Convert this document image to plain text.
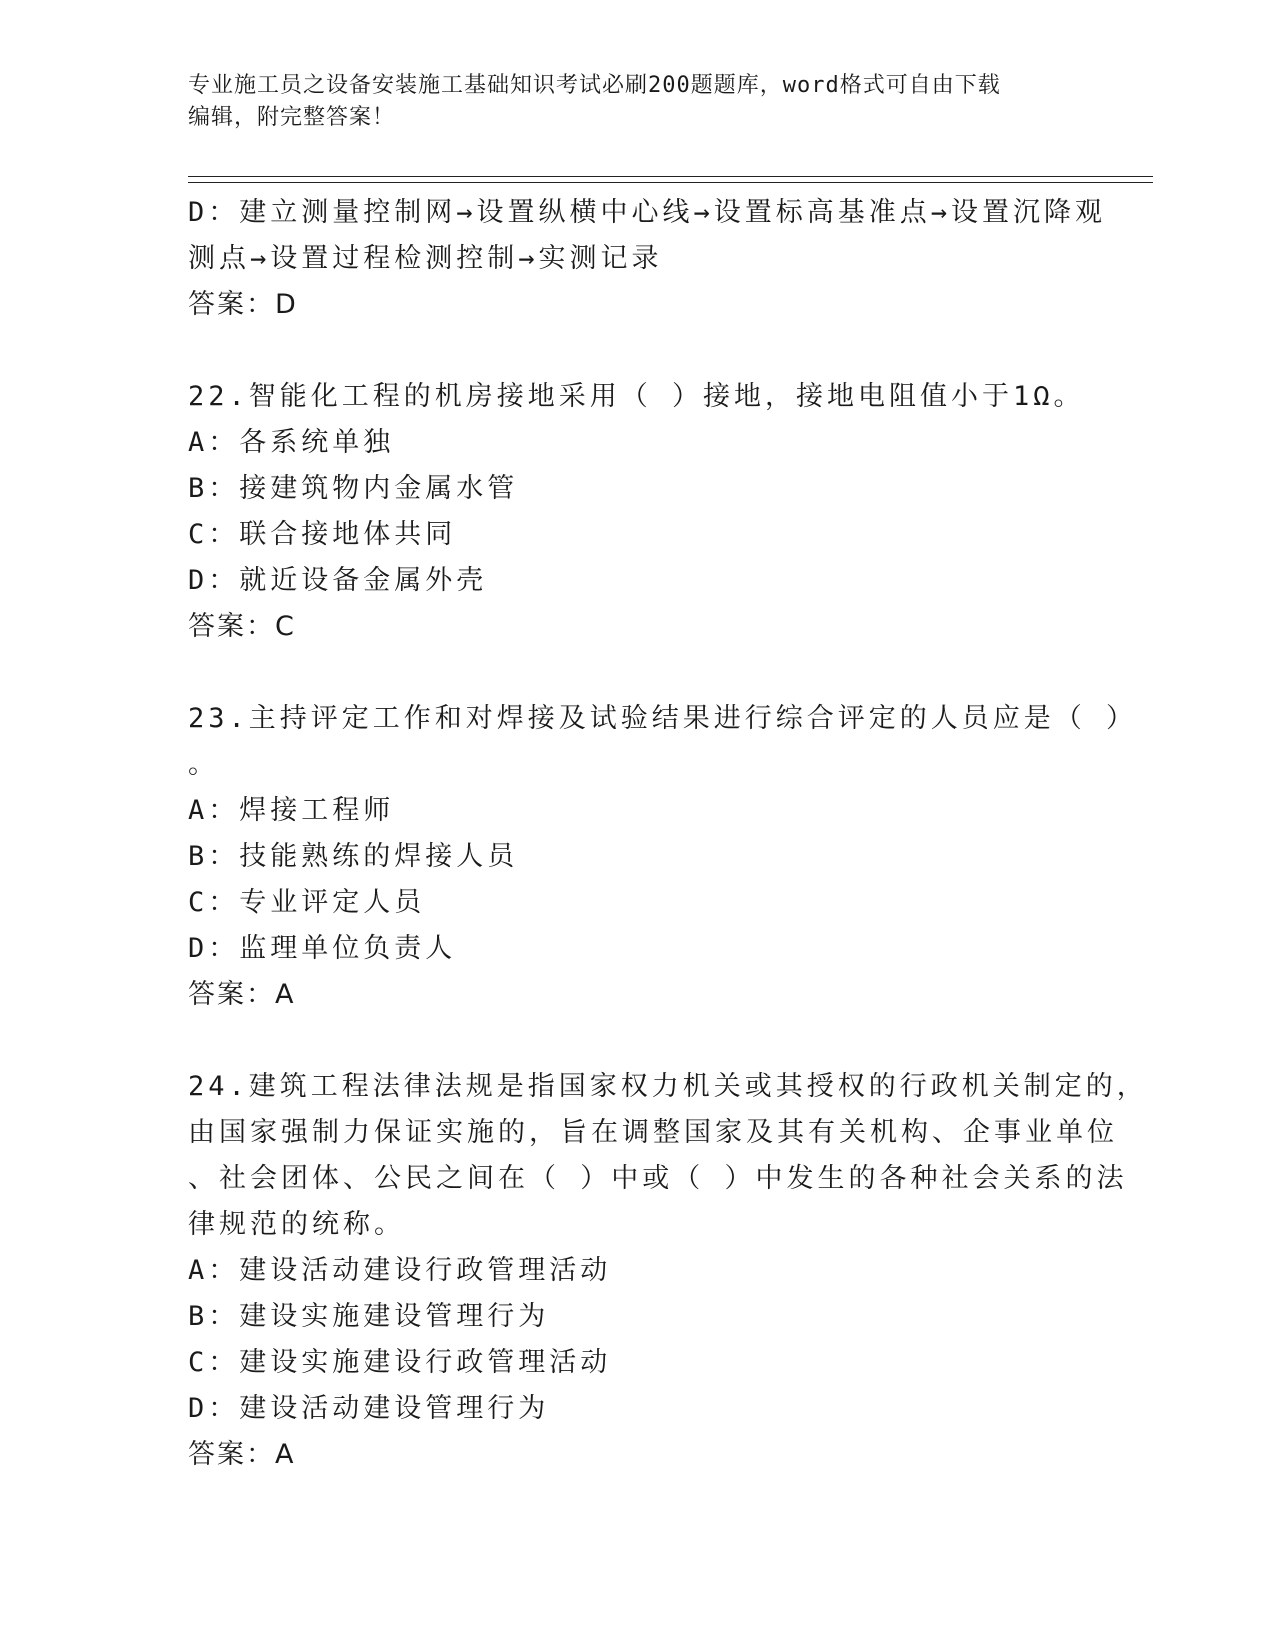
专业施工员之设备安装施工基础知识考试必刷200题题库，word格式可自由下载
编辑，附完整答案！
D：建立测量控制网→设置纵横中心线→设置标高基准点→设置沉降观
测点→设置过程检测控制→实测记录
答案：D
22.智能化工程的机房接地采用（ ）接地，接地电阻值小于1Ω。
A：各系统单独
B：接建筑物内金属水管
C：联合接地体共同
D：就近设备金属外壳
答案：C
23.主持评定工作和对焊接及试验结果进行综合评定的人员应是（ ）
。
A：焊接工程师
B：技能熟练的焊接人员
C：专业评定人员
D：监理单位负责人
答案：A
24.建筑工程法律法规是指国家权力机关或其授权的行政机关制定的，
由国家强制力保证实施的，旨在调整国家及其有关机构、企事业单位
、社会团体、公民之间在（ ）中或（ ）中发生的各种社会关系的法
律规范的统称。
A：建设活动建设行政管理活动
B：建设实施建设管理行为
C：建设实施建设行政管理活动
D：建设活动建设管理行为
答案：A
